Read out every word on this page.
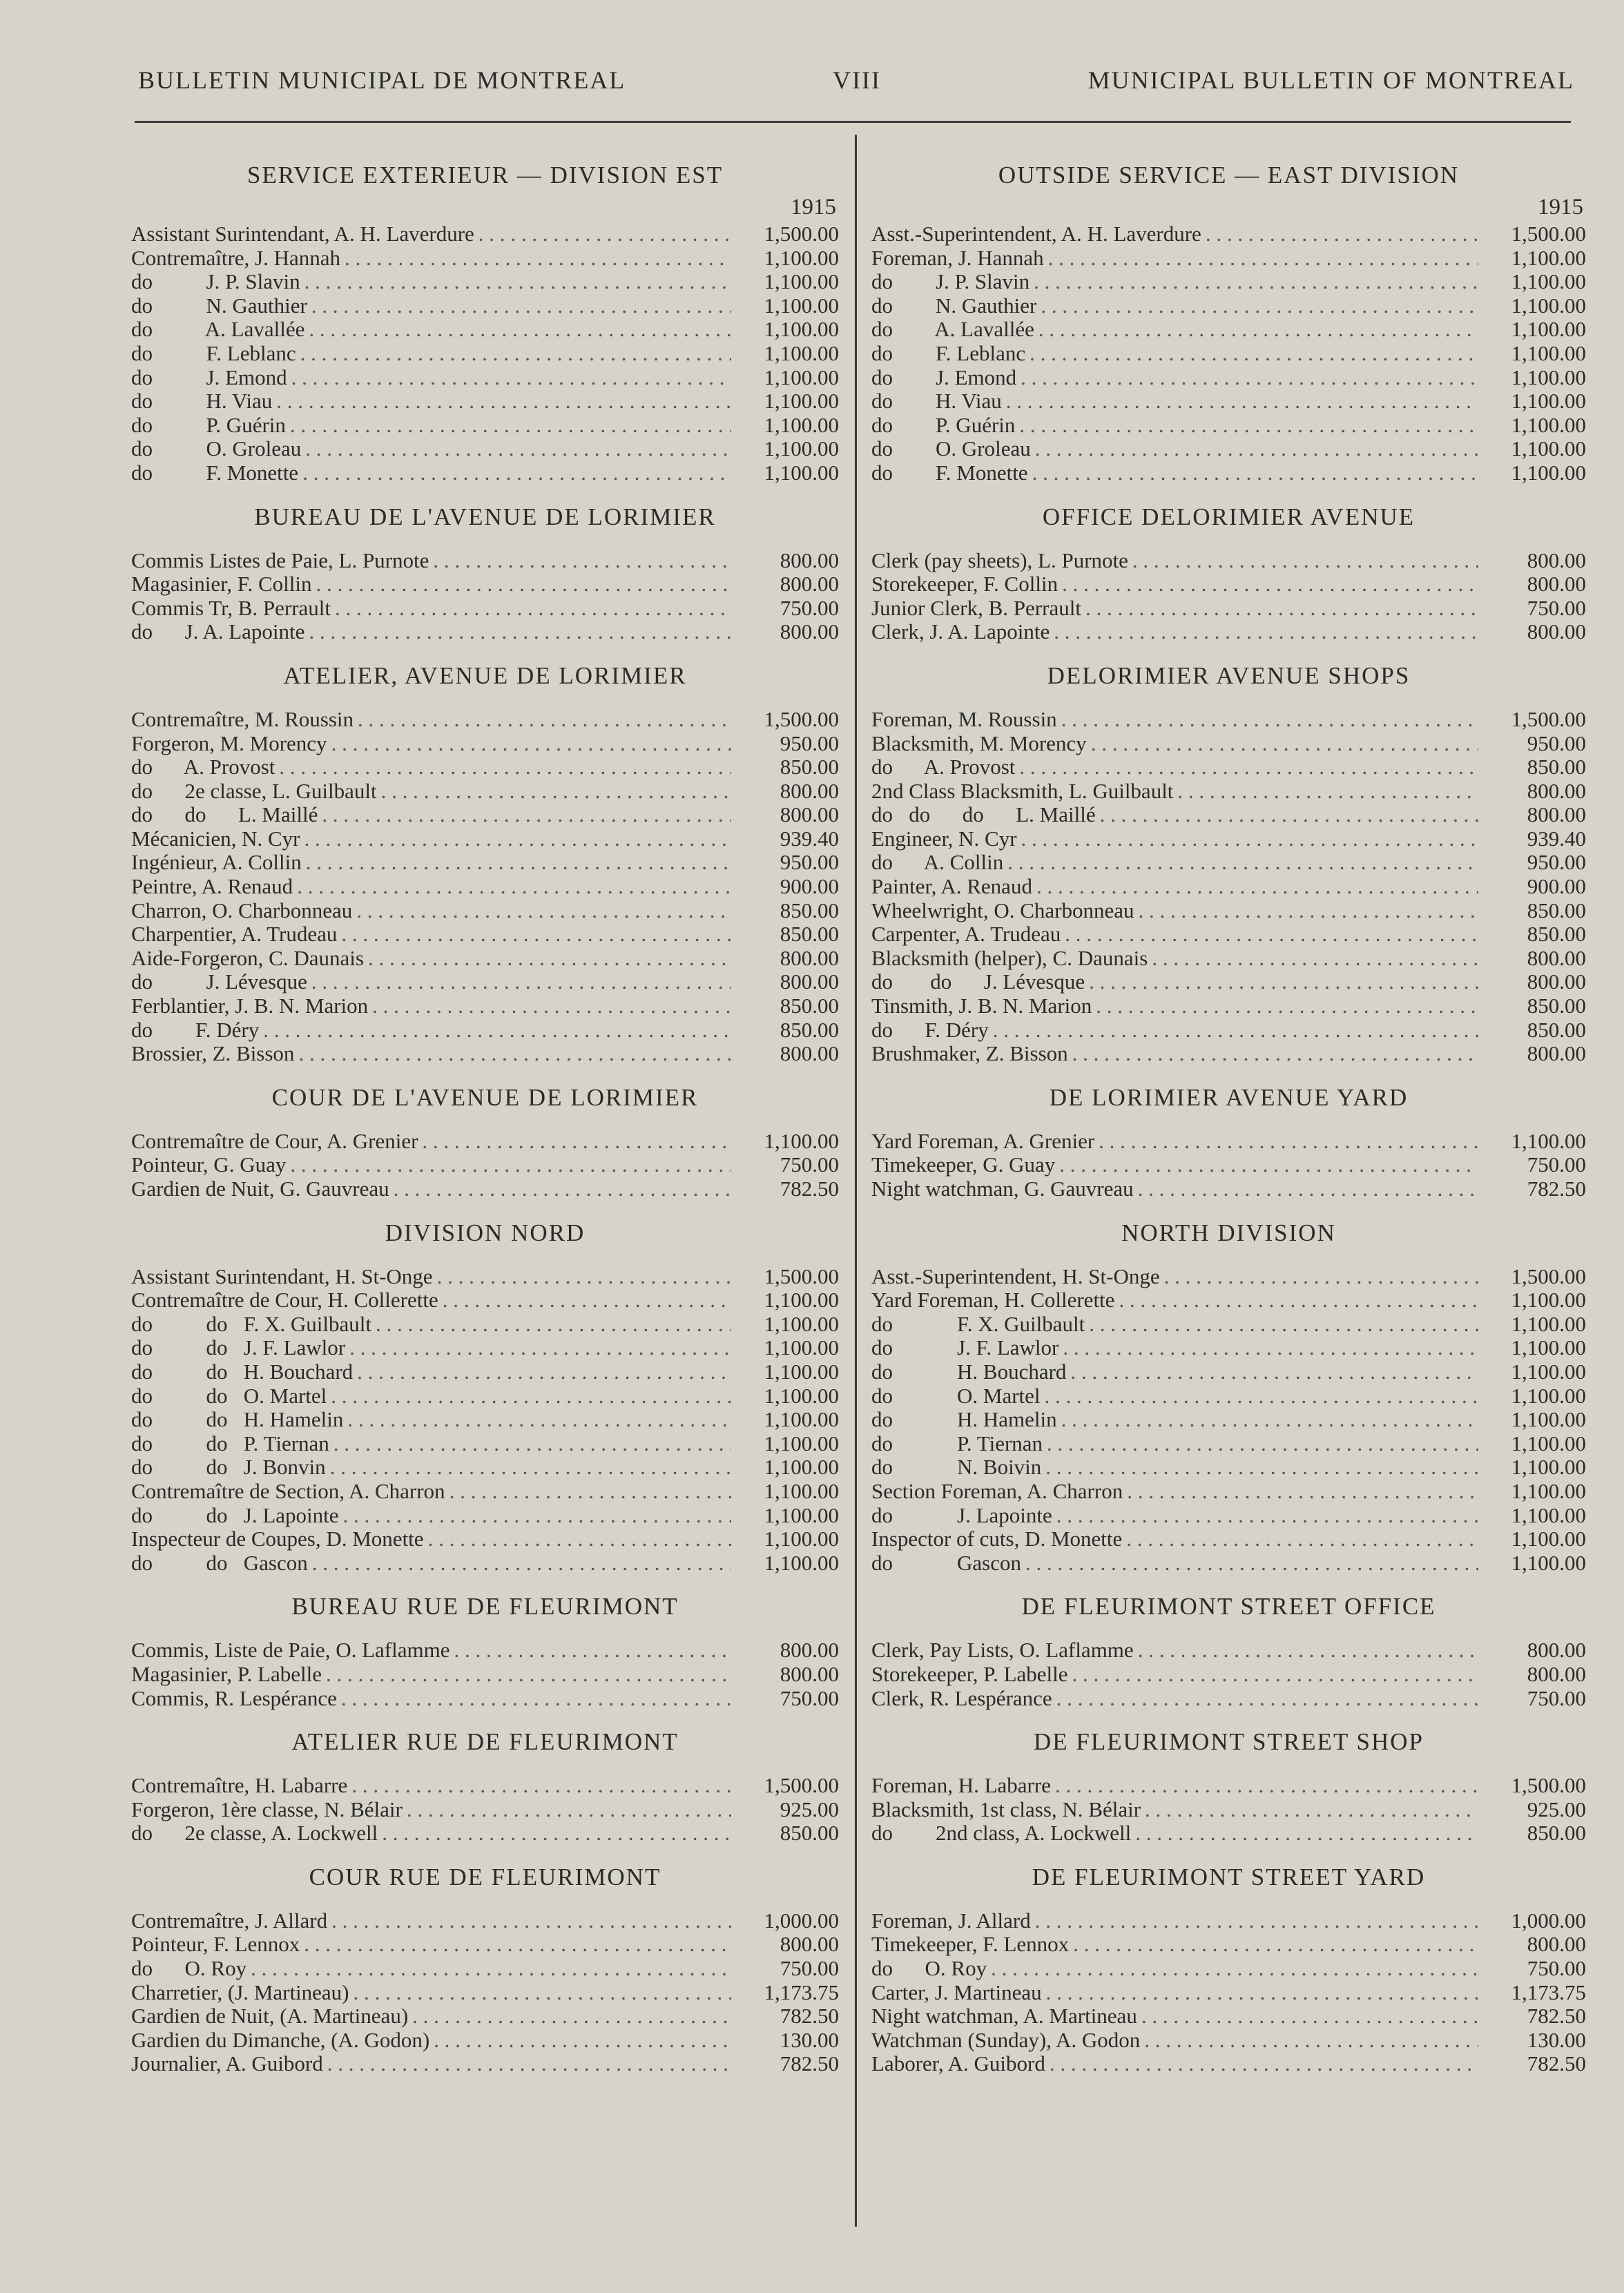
BULLETIN MUNICIPAL DE MONTREAL	VIII	MUNICIPAL BULLETIN OF MONTREAL
SERVICE EXTERIEUR — DIVISION EST
1915
Assistant Surintendant, A. H. Laverdure . . .	1,500.00
Contremaître, J. Hannah . . .	1,100.00
do          J. P. Slavin . . .	1,100.00
do          N. Gauthier . . .	1,100.00
do          A. Lavallée . . .	1,100.00
do          F. Leblanc . . .	1,100.00
do          J. Emond . . .	1,100.00
do          H. Viau . . .	1,100.00
do          P. Guérin . . .	1,100.00
do          O. Groleau . . .	1,100.00
do          F. Monette . . .	1,100.00
BUREAU DE L'AVENUE DE LORIMIER
Commis Listes de Paie, L. Purnote . . .	800.00
Magasinier, F. Collin . . .	800.00
Commis Tr, B. Perrault . . .	750.00
do      J. A. Lapointe . . .	800.00
ATELIER, AVENUE DE LORIMIER
Contremaître, M. Roussin . . .	1,500.00
Forgeron, M. Morency . . .	950.00
do      A. Provost . . .	850.00
do      2e classe, L. Guilbault . . .	800.00
do      do      L. Maillé . . .	800.00
Mécanicien, N. Cyr . . .	939.40
Ingénieur, A. Collin . . .	950.00
Peintre, A. Renaud . . .	900.00
Charron, O. Charbonneau . . .	850.00
Charpentier, A. Trudeau . . .	850.00
Aide-Forgeron, C. Daunais . . .	800.00
do          J. Lévesque . . .	800.00
Ferblantier, J. B. N. Marion . . .	850.00
do        F. Déry . . .	850.00
Brossier, Z. Bisson . . .	800.00
COUR DE L'AVENUE DE LORIMIER
Contremaître de Cour, A. Grenier . . .	1,100.00
Pointeur, G. Guay . . .	750.00
Gardien de Nuit, G. Gauvreau . . .	782.50
DIVISION NORD
Assistant Surintendant, H. St-Onge . . .	1,500.00
Contremaître de Cour, H. Collerette . . .	1,100.00
do          do   F. X. Guilbault . . .	1,100.00
do          do   J. F. Lawlor . . .	1,100.00
do          do   H. Bouchard . . .	1,100.00
do          do   O. Martel . . .	1,100.00
do          do   H. Hamelin . . .	1,100.00
do          do   P. Tiernan . . .	1,100.00
do          do   J. Bonvin . . .	1,100.00
Contremaître de Section, A. Charron . . .	1,100.00
do          do   J. Lapointe . . .	1,100.00
Inspecteur de Coupes, D. Monette . . .	1,100.00
do          do   Gascon . . .	1,100.00
BUREAU RUE DE FLEURIMONT
Commis, Liste de Paie, O. Laflamme . . .	800.00
Magasinier, P. Labelle . . .	800.00
Commis, R. Lespérance . . .	750.00
ATELIER RUE DE FLEURIMONT
Contremaître, H. Labarre . . .	1,500.00
Forgeron, 1ère classe, N. Bélair . . .	925.00
do      2e classe, A. Lockwell . . .	850.00
COUR RUE DE FLEURIMONT
Contremaître, J. Allard . . .	1,000.00
Pointeur, F. Lennox . . .	800.00
do      O. Roy . . .	750.00
Charretier, (J. Martineau) . . .	1,173.75
Gardien de Nuit, (A. Martineau) . . .	782.50
Gardien du Dimanche, (A. Godon) . . .	130.00
Journalier, A. Guibord . . .	782.50
OUTSIDE SERVICE — EAST DIVISION
1915
Asst.-Superintendent, A. H. Laverdure . . .	1,500.00
Foreman, J. Hannah . . .	1,100.00
do        J. P. Slavin . . .	1,100.00
do        N. Gauthier . . .	1,100.00
do        A. Lavallée . . .	1,100.00
do        F. Leblanc . . .	1,100.00
do        J. Emond . . .	1,100.00
do        H. Viau . . .	1,100.00
do        P. Guérin . . .	1,100.00
do        O. Groleau . . .	1,100.00
do        F. Monette . . .	1,100.00
OFFICE DELORIMIER AVENUE
Clerk (pay sheets), L. Purnote . . .	800.00
Storekeeper, F. Collin . . .	800.00
Junior Clerk, B. Perrault . . .	750.00
Clerk, J. A. Lapointe . . .	800.00
DELORIMIER AVENUE SHOPS
Foreman, M. Roussin . . .	1,500.00
Blacksmith, M. Morency . . .	950.00
do      A. Provost . . .	850.00
2nd Class Blacksmith, L. Guilbault . . .	800.00
do   do      do      L. Maillé . . .	800.00
Engineer, N. Cyr . . .	939.40
do      A. Collin . . .	950.00
Painter, A. Renaud . . .	900.00
Wheelwright, O. Charbonneau . . .	850.00
Carpenter, A. Trudeau . . .	850.00
Blacksmith (helper), C. Daunais . . .	800.00
do       do      J. Lévesque . . .	800.00
Tinsmith, J. B. N. Marion . . .	850.00
do      F. Déry . . .	850.00
Brushmaker, Z. Bisson . . .	800.00
DE LORIMIER AVENUE YARD
Yard Foreman, A. Grenier . . .	1,100.00
Timekeeper, G. Guay . . .	750.00
Night watchman, G. Gauvreau . . .	782.50
NORTH DIVISION
Asst.-Superintendent, H. St-Onge . . .	1,500.00
Yard Foreman, H. Collerette . . .	1,100.00
do            F. X. Guilbault . . .	1,100.00
do            J. F. Lawlor . . .	1,100.00
do            H. Bouchard . . .	1,100.00
do            O. Martel . . .	1,100.00
do            H. Hamelin . . .	1,100.00
do            P. Tiernan . . .	1,100.00
do            N. Boivin . . .	1,100.00
Section Foreman, A. Charron . . .	1,100.00
do            J. Lapointe . . .	1,100.00
Inspector of cuts, D. Monette . . .	1,100.00
do            Gascon . . .	1,100.00
DE FLEURIMONT STREET OFFICE
Clerk, Pay Lists, O. Laflamme . . .	800.00
Storekeeper, P. Labelle . . .	800.00
Clerk, R. Lespérance . . .	750.00
DE FLEURIMONT STREET SHOP
Foreman, H. Labarre . . .	1,500.00
Blacksmith, 1st class, N. Bélair . . .	925.00
do        2nd class, A. Lockwell . . .	850.00
DE FLEURIMONT STREET YARD
Foreman, J. Allard . . .	1,000.00
Timekeeper, F. Lennox . . .	800.00
do      O. Roy . . .	750.00
Carter, J. Martineau . . .	1,173.75
Night watchman, A. Martineau . . .	782.50
Watchman (Sunday), A. Godon . . .	130.00
Laborer, A. Guibord . . .	782.50
